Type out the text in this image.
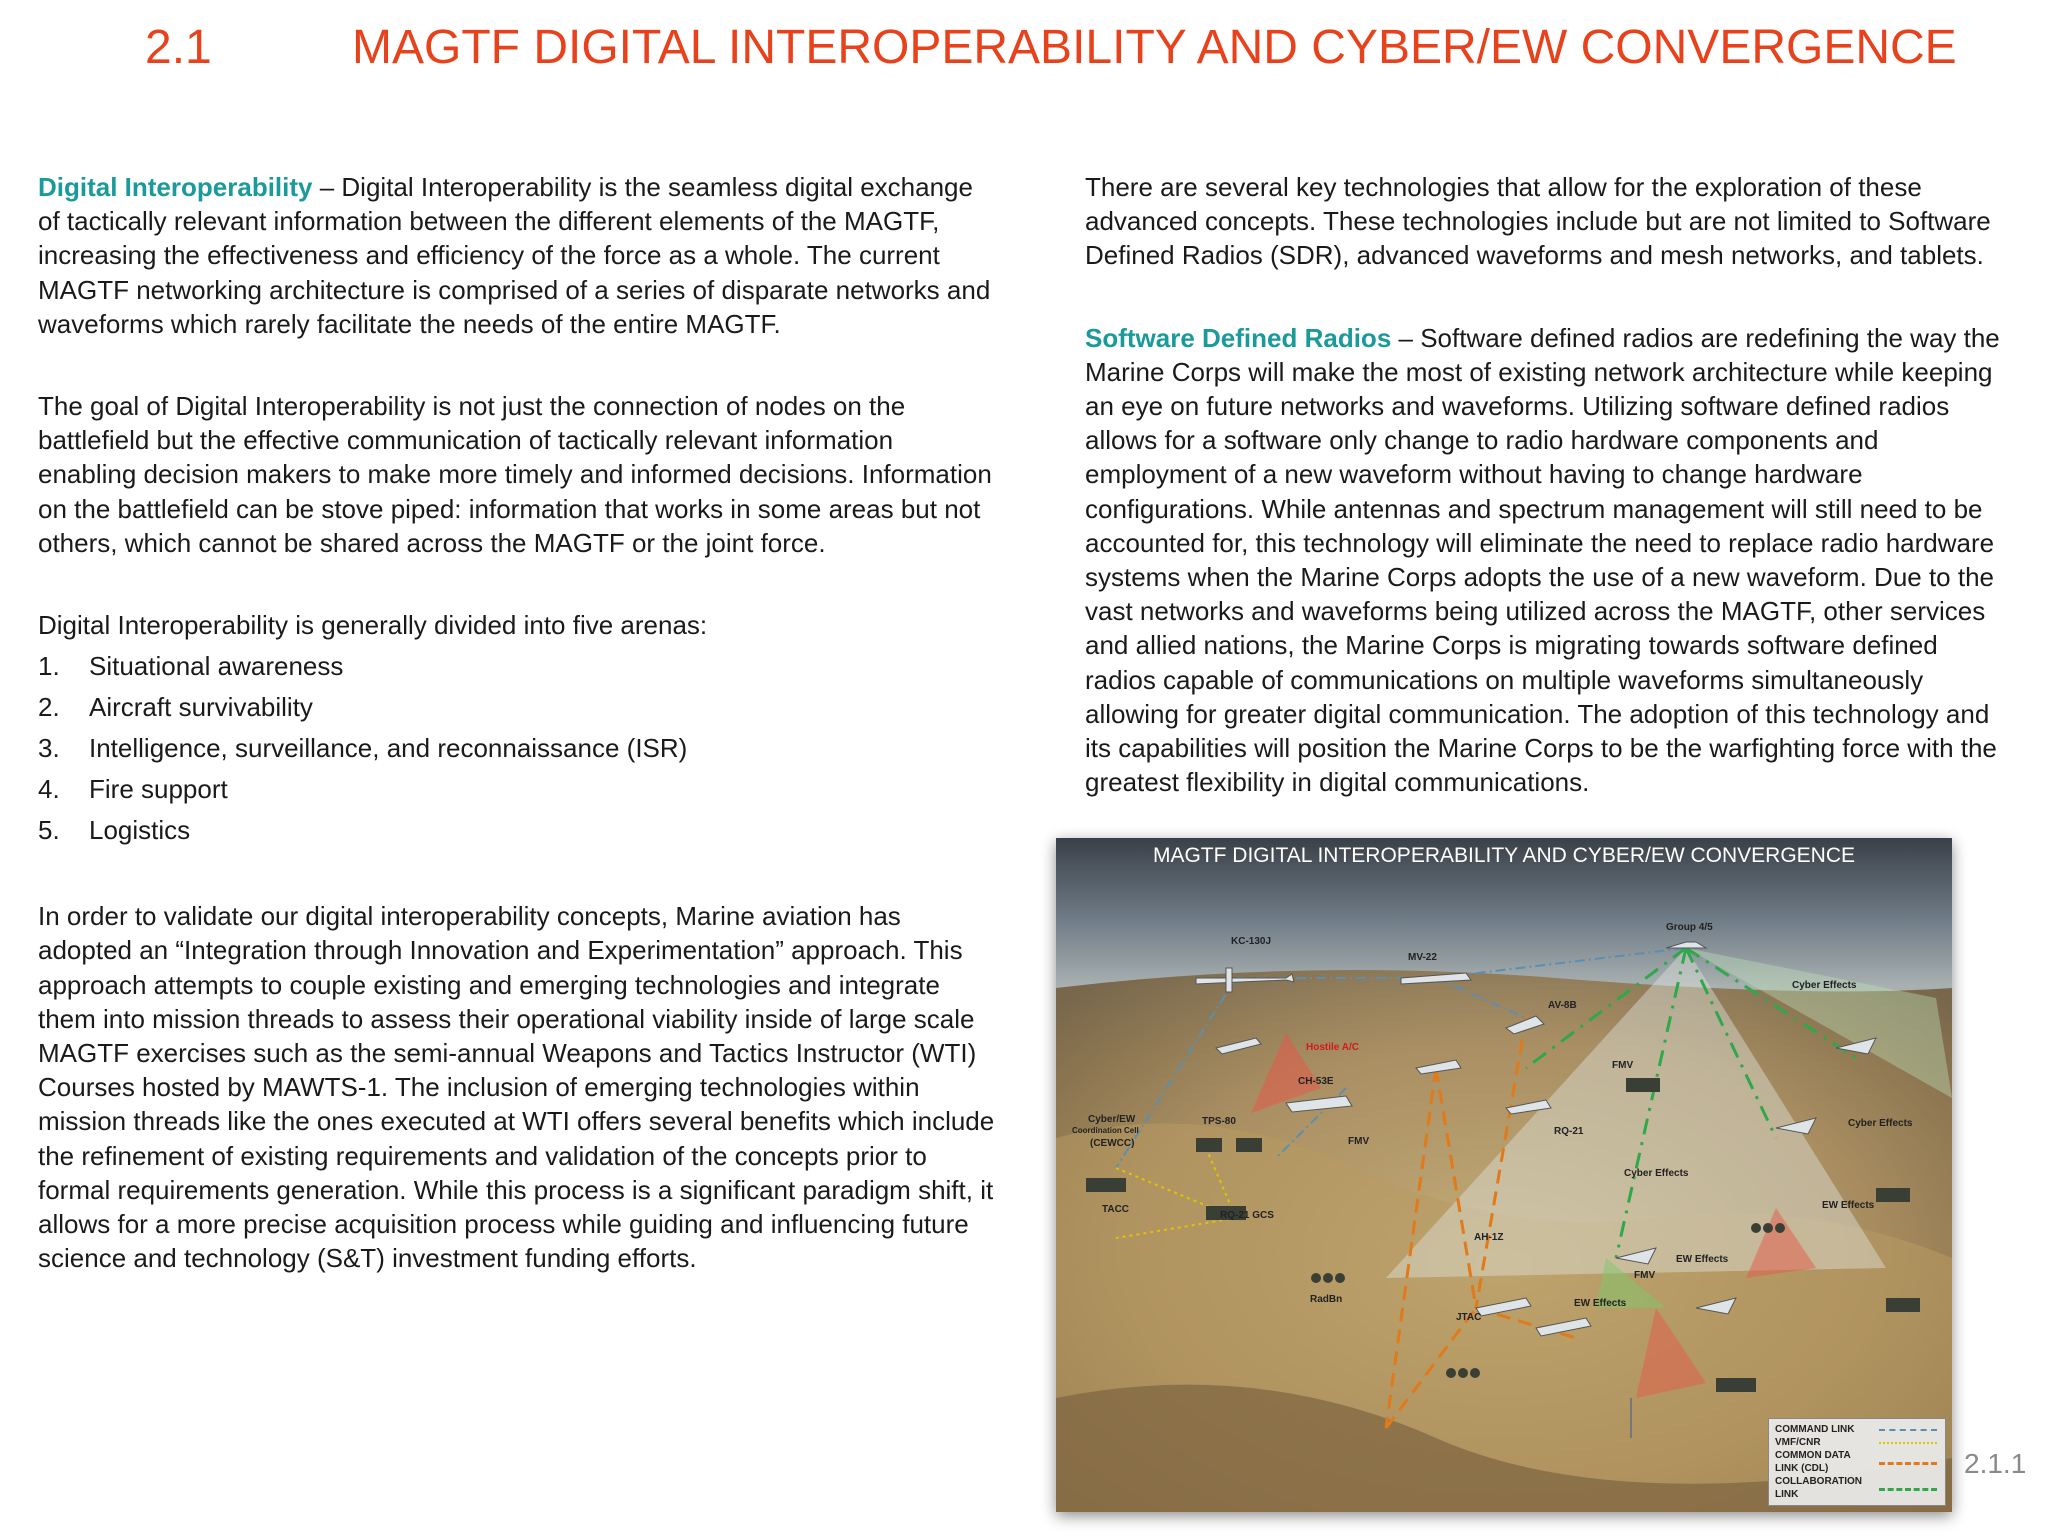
2.1	MAGTF DIGITAL INTEROPERABILITY AND CYBER/EW CONVERGENCE

Digital Interoperability – Digital Interoperability is the seamless digital exchange of tactically relevant information between the different elements of the MAGTF, increasing the effectiveness and efficiency of the force as a whole. The current MAGTF networking architecture is comprised of a series of disparate networks and waveforms which rarely facilitate the needs of the entire MAGTF.

The goal of Digital Interoperability is not just the connection of nodes on the battlefield but the effective communication of tactically relevant information enabling decision makers to make more timely and informed decisions. Information on the battlefield can be stove piped: information that works in some areas but not others, which cannot be shared across the MAGTF or the joint force.

Digital Interoperability is generally divided into five arenas:

1. Situational awareness
2. Aircraft survivability
3. Intelligence, surveillance, and reconnaissance (ISR)
4. Fire support
5. Logistics

In order to validate our digital interoperability concepts, Marine aviation has adopted an “Integration through Innovation and Experimentation” approach. This approach attempts to couple existing and emerging technologies and integrate them into mission threads to assess their operational viability inside of large scale MAGTF exercises such as the semi-annual Weapons and Tactics Instructor (WTI) Courses hosted by MAWTS-1. The inclusion of emerging technologies within mission threads like the ones executed at WTI offers several benefits which include the refinement of existing requirements and validation of the concepts prior to formal requirements generation. While this process is a significant paradigm shift, it allows for a more precise acquisition process while guiding and influencing future science and technology (S&T) investment funding efforts.

There are several key technologies that allow for the exploration of these advanced concepts. These technologies include but are not limited to Software Defined Radios (SDR), advanced waveforms and mesh networks, and tablets.

Software Defined Radios – Software defined radios are redefining the way the Marine Corps will make the most of existing network architecture while keeping an eye on future networks and waveforms. Utilizing software defined radios allows for a software only change to radio hardware components and employment of a new waveform without having to change hardware configurations. While antennas and spectrum management will still need to be accounted for, this technology will eliminate the need to replace radio hardware systems when the Marine Corps adopts the use of a new waveform. Due to the vast networks and waveforms being utilized across the MAGTF, other services and allied nations, the Marine Corps is migrating towards software defined radios capable of communications on multiple waveforms simultaneously allowing for greater digital communication. The adoption of this technology and its capabilities will position the Marine Corps to be the warfighting force with the greatest flexibility in digital communications.

MAGTF DIGITAL INTEROPERABILITY AND CYBER/EW CONVERGENCE
KC-130J
MV-22
Group 4/5
Cyber Effects
AV-8B
Hostile A/C
FMV
CH-53E
Cyber/EW
Coordination Cell
(CEWCC)
TPS-80
FMV
RQ-21
Cyber Effects
Cyber Effects
TACC
RQ-21 GCS
EW Effects
AH-1Z
RadBn
EW Effects
FMV
EW Effects
JTAC
COMMAND LINK
VMF/CNR
COMMON DATA
LINK (CDL)
COLLABORATION
LINK
2.1.1
